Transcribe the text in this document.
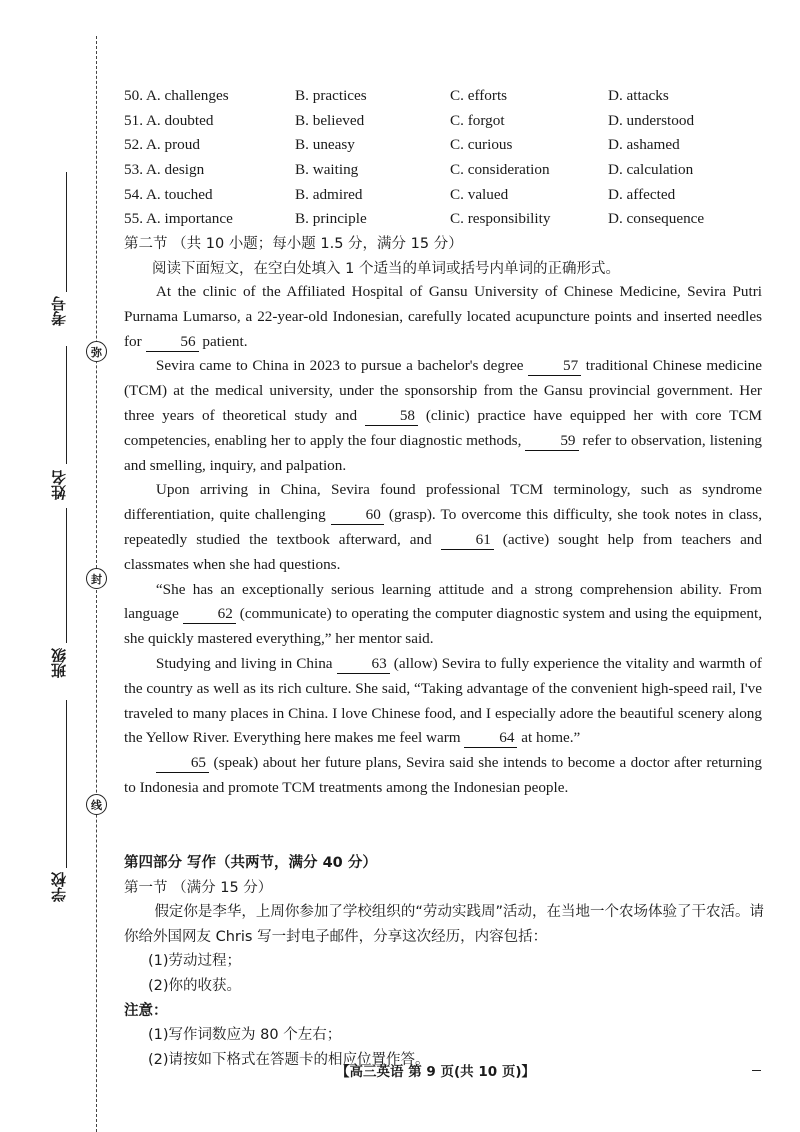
考号
弥
姓名
封
班级
线
学校
50. A. challenges	B. practices	C. efforts	D. attacks
51. A. doubted	B. believed	C. forgot	D. understood
52. A. proud	B. uneasy	C. curious	D. ashamed
53. A. design	B. waiting	C. consideration	D. calculation
54. A. touched	B. admired	C. valued	D. affected
55. A. importance	B. principle	C. responsibility	D. consequence
第二节 （共 10 小题；每小题 1.5 分，满分 15 分）
阅读下面短文，在空白处填入 1 个适当的单词或括号内单词的正确形式。

At the clinic of the Affiliated Hospital of Gansu University of Chinese Medicine, Sevira Putri Purnama Lumarso, a 22-year-old Indonesian, carefully located acupuncture points and inserted needles for 56 patient.

Sevira came to China in 2023 to pursue a bachelor's degree 57 traditional Chinese medicine (TCM) at the medical university, under the sponsorship from the Gansu provincial government. Her three years of theoretical study and 58 (clinic) practice have equipped her with core TCM competencies, enabling her to apply the four diagnostic methods, 59 refer to observation, listening and smelling, inquiry, and palpation.

Upon arriving in China, Sevira found professional TCM terminology, such as syndrome differentiation, quite challenging 60 (grasp). To overcome this difficulty, she took notes in class, repeatedly studied the textbook afterward, and 61 (active) sought help from teachers and classmates when she had questions.

“She has an exceptionally serious learning attitude and a strong comprehension ability. From language 62 (communicate) to operating the computer diagnostic system and using the equipment, she quickly mastered everything,” her mentor said.

Studying and living in China 63 (allow) Sevira to fully experience the vitality and warmth of the country as well as its rich culture. She said, “Taking advantage of the convenient high-speed rail, I've traveled to many places in China. I love Chinese food, and I especially adore the beautiful scenery along the Yellow River. Everything here makes me feel warm 64 at home.”

65 (speak) about her future plans, Sevira said she intends to become a doctor after returning to Indonesia and promote TCM treatments among the Indonesian people.

第四部分 写作（共两节，满分 40 分）

第一节 （满分 15 分）

假定你是李华，上周你参加了学校组织的“劳动实践周”活动，在当地一个农场体验了干农活。请你给外国网友 Chris 写一封电子邮件，分享这次经历，内容包括：

(1)劳动过程；

(2)你的收获。

注意：

(1)写作词数应为 80 个左右；

(2)请按如下格式在答题卡的相应位置作答。

【高三英语 第 9 页(共 10 页)】
